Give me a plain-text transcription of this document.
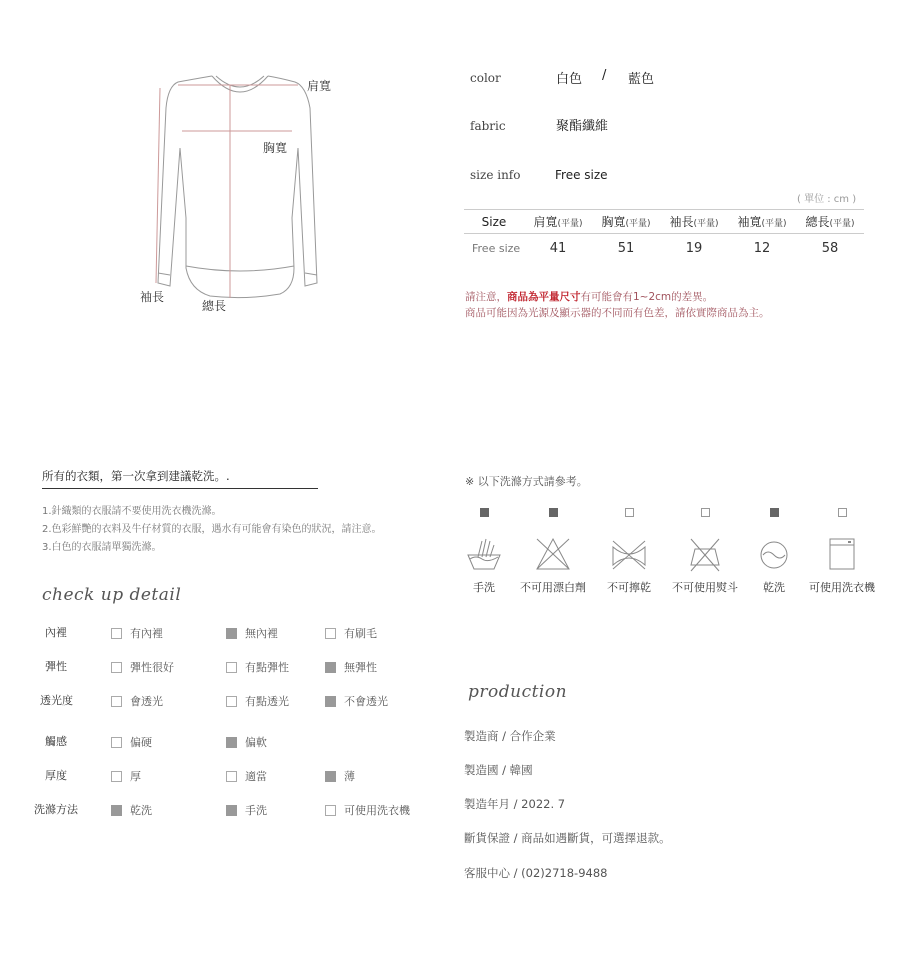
肩寬
胸寬
袖長
總長
color	白色 / 藍色
fabric	聚酯纖維
size info	Free size
( 單位 : cm )
Size	肩寬(平量)	胸寬(平量)	袖長(平量)	袖寬(平量)	總長(平量)
Free size	41	51	19	12	58
請注意，商品為平量尺寸有可能會有1~2cm的差異。
商品可能因為光源及顯示器的不同而有色差，請依實際商品為主。
所有的衣類，第一次拿到建議乾洗。.
1.針織類的衣服請不要使用洗衣機洗滌。
2.色彩鮮艷的衣料及牛仔材質的衣服，遇水有可能會有染色的狀況，請注意。
3.白色的衣服請單獨洗滌。
check up detail
內裡	有內裡	無內裡	有刷毛
彈性	彈性很好	有點彈性	無彈性
透光度	會透光	有點透光	不會透光
觸感	偏硬	偏軟
厚度	厚	適當	薄
洗滌方法	乾洗	手洗	可使用洗衣機
※ 以下洗滌方式請參考。
手洗	不可用漂白劑	不可擰乾	不可使用熨斗	乾洗	可使用洗衣機
production
製造商 / 合作企業
製造國 / 韓國
製造年月 / 2022. 7
斷貨保證 / 商品如遇斷貨，可選擇退款。
客服中心 / (02)2718-9488
